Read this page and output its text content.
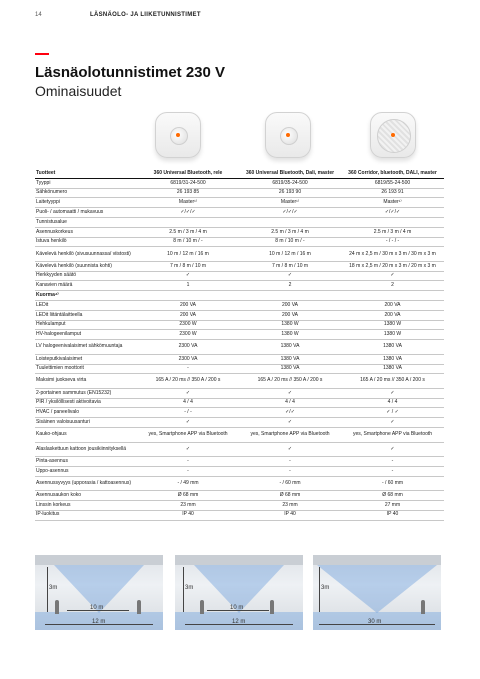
14	LÄSNÄOLO- JA LIIKETUNNISTIMET
Läsnäolotunnistimet 230 V
Ominaisuudet
Tuotteet	360 Universal Bluetooth, rele	360 Universal Bluetooth, Dali, master	360 Corridor, bluetooth, DALI, master
Tyyppi	6819/31-24-500	6819/35-24-500	6819/55-24-500
Sähkönumero	26 193 85	26 193 90	26 193 91
Laitetyyppi	Master¹⁾	Master¹⁾	Master¹⁾
Puoli- / automaatti / mukavuus	✓/✓/✓	✓/✓/✓	✓/✓/✓
Tunnistusalue			
Asennuskorkeus	2.5 m / 3 m / 4 m	2.5 m / 3 m / 4 m	2.5 m / 3 m / 4 m
Istuva henkilö	8 m / 10 m / -	8 m / 10 m / -	- / - / -
Kävelevä henkilö (sivusuunnassa/ viistosti)	10 m / 12 m / 16 m	10 m / 12 m / 16 m	24 m x 2,5 m / 30 m x 3 m / 30 m x 3 m
Kävelevä henkilö (suunnista kohti)	7 m / 8 m / 10 m	7 m / 8 m / 10 m	18 m x 2,5 m / 20 m x 3 m / 20 m x 3 m
Herkkyyden säätö	✓	✓	✓
Kanavien määrä	1	2	2
Kuorma⁴⁾			
LEDit	200 VA	200 VA	200 VA
LEDit liitäntälaitteella	200 VA	200 VA	200 VA
Hehkulamput	2300 W	1380 W	1380 W
HV-halogeenilamput	2300 W	1380 W	1380 W
LV halogeenivalaisimet sähkömuuntaja	2300 VA	1380 VA	1380 VA
Loisteputkivalaisimet	2300 VA	1380 VA	1380 VA
Tuulettimien moottorit	-	1380 VA	1380 VA
Maksimi juokseva virta	165 A / 20 ms // 350 A / 200 s	165 A / 20 ms // 350 A / 200 s	165 A / 20 ms // 350 A / 200 s
2-portainen sammutus (EN15232)	✓	✓	✓
PIR / yksilöllisesti aktivoitavia	4 / 4	4 / 4	4 / 4
HVAC / paneelivalo	- / -	✓/✓	✓ / ✓
Sisäinen valoisuusanturi	✓	✓	✓
Kauko-ohjaus	yes, Smartphone APP via Bluetooth	yes, Smartphone APP via Bluetooth	yes, Smartphone APP via Bluetooth
Alaslaskettuun kattoon jousikiinnityksellä	✓	✓	✓
Pinta-asennus	-	-	-
Uppo-asennus	-	-	-
Asennussyvyys (upporasia / kattoasennus)	- / 49 mm	- / 60 mm	- / 60 mm
Asennusaukon koko	Ø 68 mm	Ø 68 mm	Ø 68 mm
Linssin korkeus	23 mm	23 mm	27 mm
IP-luokitus	IP 40	IP 40	IP 40
3m
10 m
12 m
3m
10 m
12 m
3m
30 m
